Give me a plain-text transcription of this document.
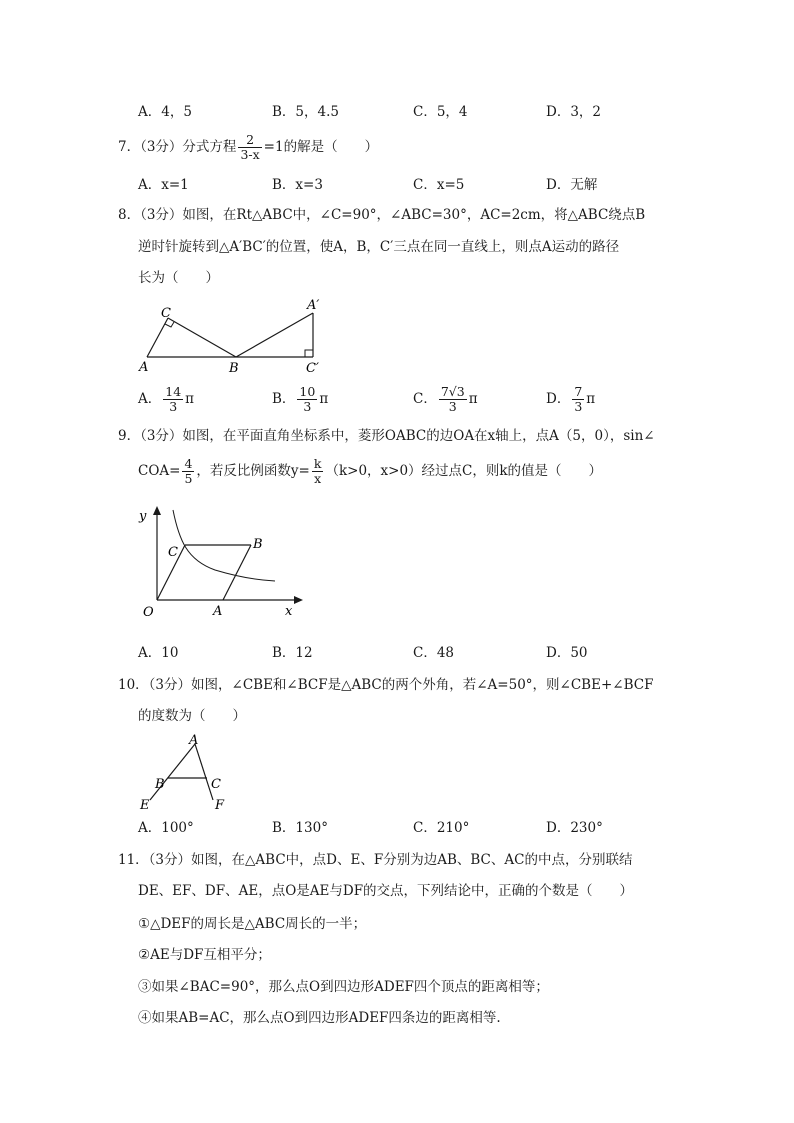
A．4，5	B．5，4.5	C．5，4	D．3，2
7．（3分）分式方程 $\frac{2}{3-x} =1$的解是（　　）
A．x=1	B．x=3	C．x=5	D．无解
8．（3分）如图，在Rt△ABC中，∠C=90°，∠ABC=30°，AC=2cm，将△ABC绕点B
逆时针旋转到△A′BC′的位置，使A，B，C′三点在同一直线上，则点A运动的路径
长为（　　）
C
A	B
A′
C′
A． $\frac{14}{3}$ π	B． $\frac{10}{3}$ π	C． $\frac{7√3}{3}$ π	D． $\frac{7}{3}$ π
9．（3分）如图，在平面直角坐标系中，菱形OABC的边OA在x轴上，点A（5，0），sin∠
$COA= \frac{4}{5}$ ，若反比例函数$y= \frac{k}{x} (k>0$，x>0）经过点C，则k的值是（　　）
y
C
B
O	A	x
A．10	B．12	C．48	D．50
10．（3分）如图，∠CBE和∠BCF是△ABC的两个外角，若∠A=50°，则∠CBE+∠BCF
的度数为（　　）
A
B	C
E	F
A．100°	B．130°	C．210°	D．230°
11．（3分）如图，在△ABC中，点D、E、F分别为边AB、BC、AC的中点，分别联结
DE、EF、DF、AE，点O是AE与DF的交点，下列结论中，正确的个数是（　　）
①△DEF的周长是△ABC周长的一半；
②AE与DF互相平分；
③如果∠BAC=90°，那么点O到四边形ADEF四个顶点的距离相等；
④如果AB=AC，那么点O到四边形ADEF四条边的距离相等.
